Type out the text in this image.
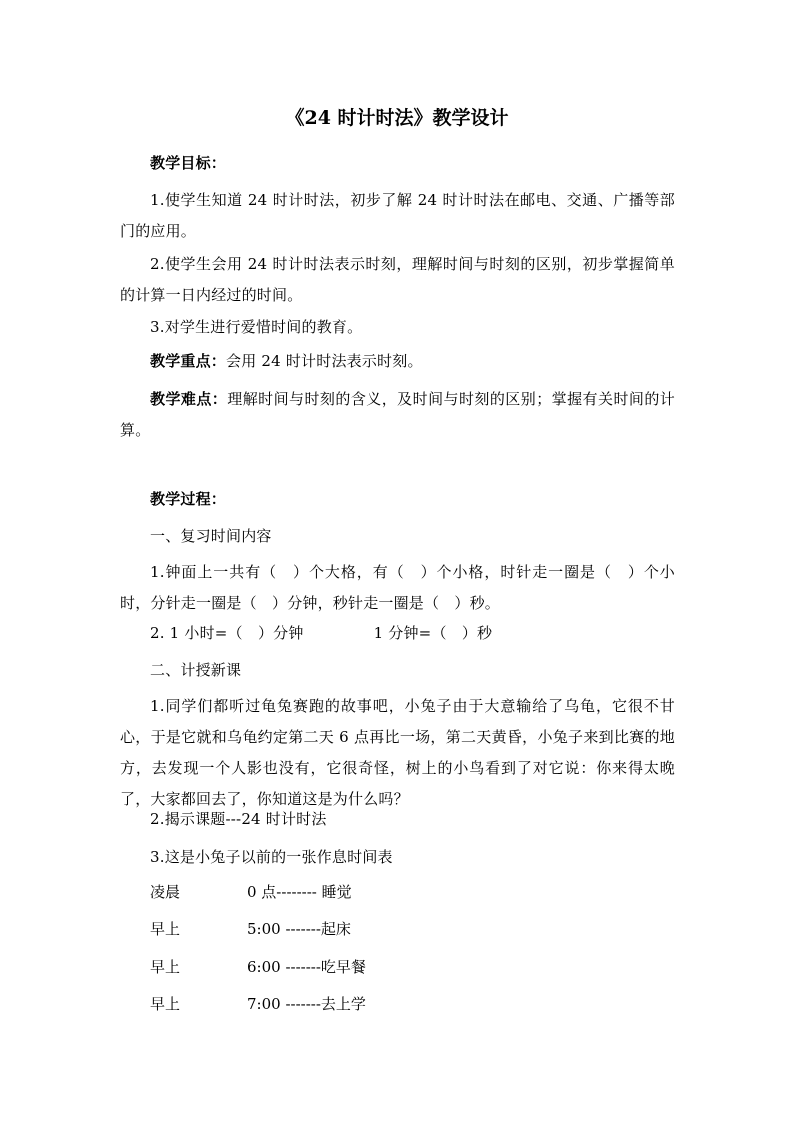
《24 时计时法》教学设计
教学目标：
1.使学生知道 24 时计时法，初步了解 24 时计时法在邮电、交通、广播等部门的应用。
2.使学生会用 24 时计时法表示时刻，理解时间与时刻的区别，初步掌握简单的计算一日内经过的时间。
3.对学生进行爱惜时间的教育。
教学重点：会用 24 时计时法表示时刻。
教学难点：理解时间与时刻的含义，及时间与时刻的区别；掌握有关时间的计算。
教学过程：
一、复习时间内容
1.钟面上一共有（　）个大格，有（　）个小格，时针走一圈是（　）个小时，分针走一圈是（　）分钟，秒针走一圈是（　）秒。
2. 1 小时=（　）分钟	1 分钟=（　）秒
二、计授新课
1.同学们都听过龟兔赛跑的故事吧，小兔子由于大意输给了乌龟，它很不甘心，于是它就和乌龟约定第二天 6 点再比一场，第二天黄昏，小兔子来到比赛的地方，去发现一个人影也没有，它很奇怪，树上的小鸟看到了对它说：你来得太晚了，大家都回去了，你知道这是为什么吗？
2.揭示课题---24 时计时法
3.这是小兔子以前的一张作息时间表
凌晨	0 点-------- 睡觉
早上	5:00 -------起床
早上	6:00 -------吃早餐
早上	7:00 -------去上学
